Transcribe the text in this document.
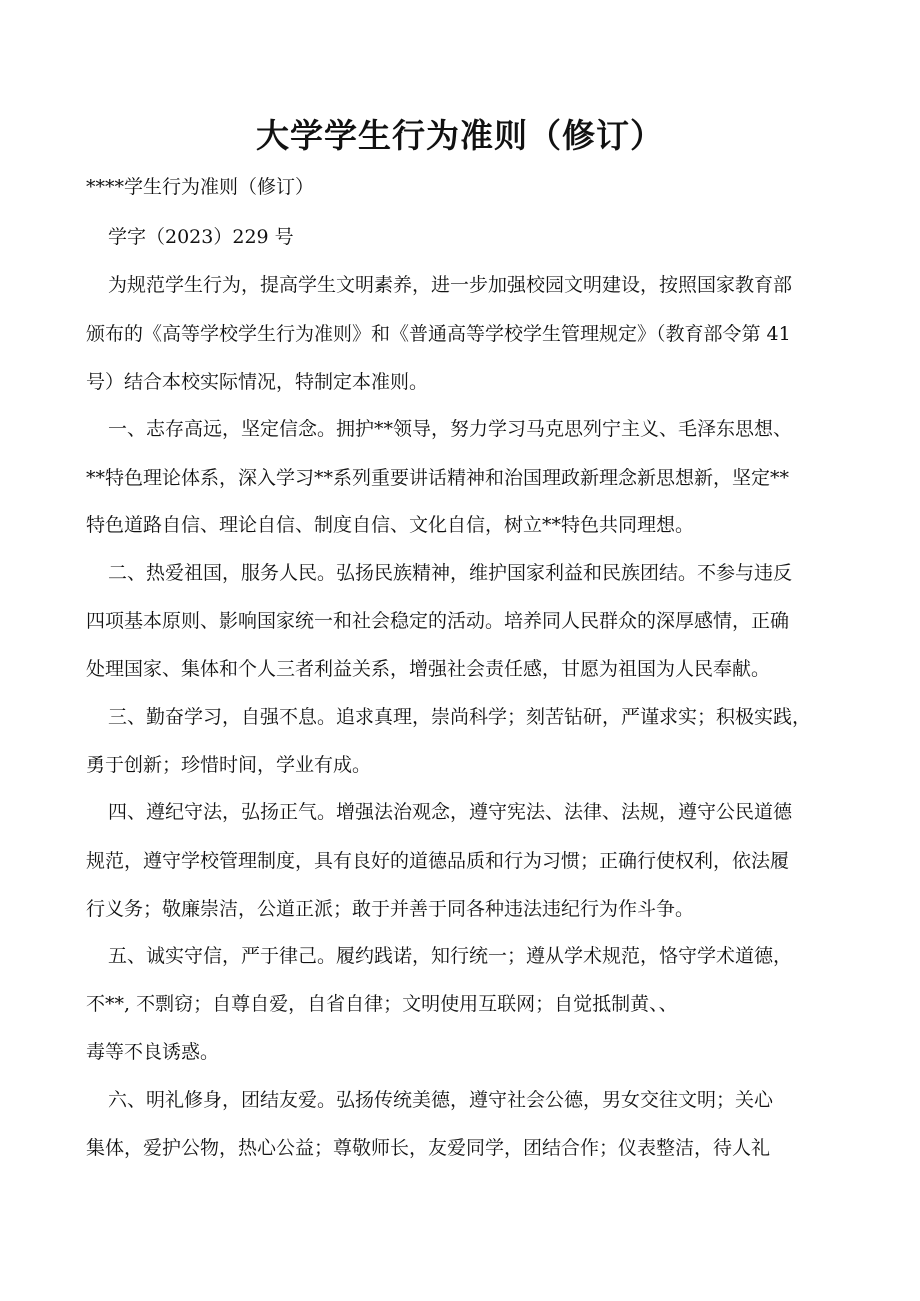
大学学生行为准则（修订）

****学生行为准则（修订）

学字（2023）229 号

为规范学生行为，提高学生文明素养，进一步加强校园文明建设，按照国家教育部

颁布的《高等学校学生行为准则》和《普通高等学校学生管理规定》（教育部令第 41

号）结合本校实际情况，特制定本准则。

一、志存高远，坚定信念。拥护**领导，努力学习马克思列宁主义、毛泽东思想、

**特色理论体系，深入学习**系列重要讲话精神和治国理政新理念新思想新，坚定**

特色道路自信、理论自信、制度自信、文化自信，树立**特色共同理想。

二、热爱祖国，服务人民。弘扬民族精神，维护国家利益和民族团结。不参与违反

四项基本原则、影响国家统一和社会稳定的活动。培养同人民群众的深厚感情，正确

处理国家、集体和个人三者利益关系，增强社会责任感，甘愿为祖国为人民奉献。

三、勤奋学习，自强不息。追求真理，崇尚科学；刻苦钻研，严谨求实；积极实践，

勇于创新；珍惜时间，学业有成。

四、遵纪守法，弘扬正气。增强法治观念，遵守宪法、法律、法规，遵守公民道德

规范，遵守学校管理制度，具有良好的道德品质和行为习惯；正确行使权利，依法履

行义务；敬廉崇洁，公道正派；敢于并善于同各种违法违纪行为作斗争。

五、诚实守信，严于律己。履约践诺，知行统一；遵从学术规范，恪守学术道德，

不**, 不剽窃；自尊自爱，自省自律；文明使用互联网；自觉抵制黄、、

毒等不良诱惑。

六、明礼修身，团结友爱。弘扬传统美德，遵守社会公德，男女交往文明；关心

集体，爱护公物，热心公益；尊敬师长，友爱同学，团结合作；仪表整洁，待人礼
